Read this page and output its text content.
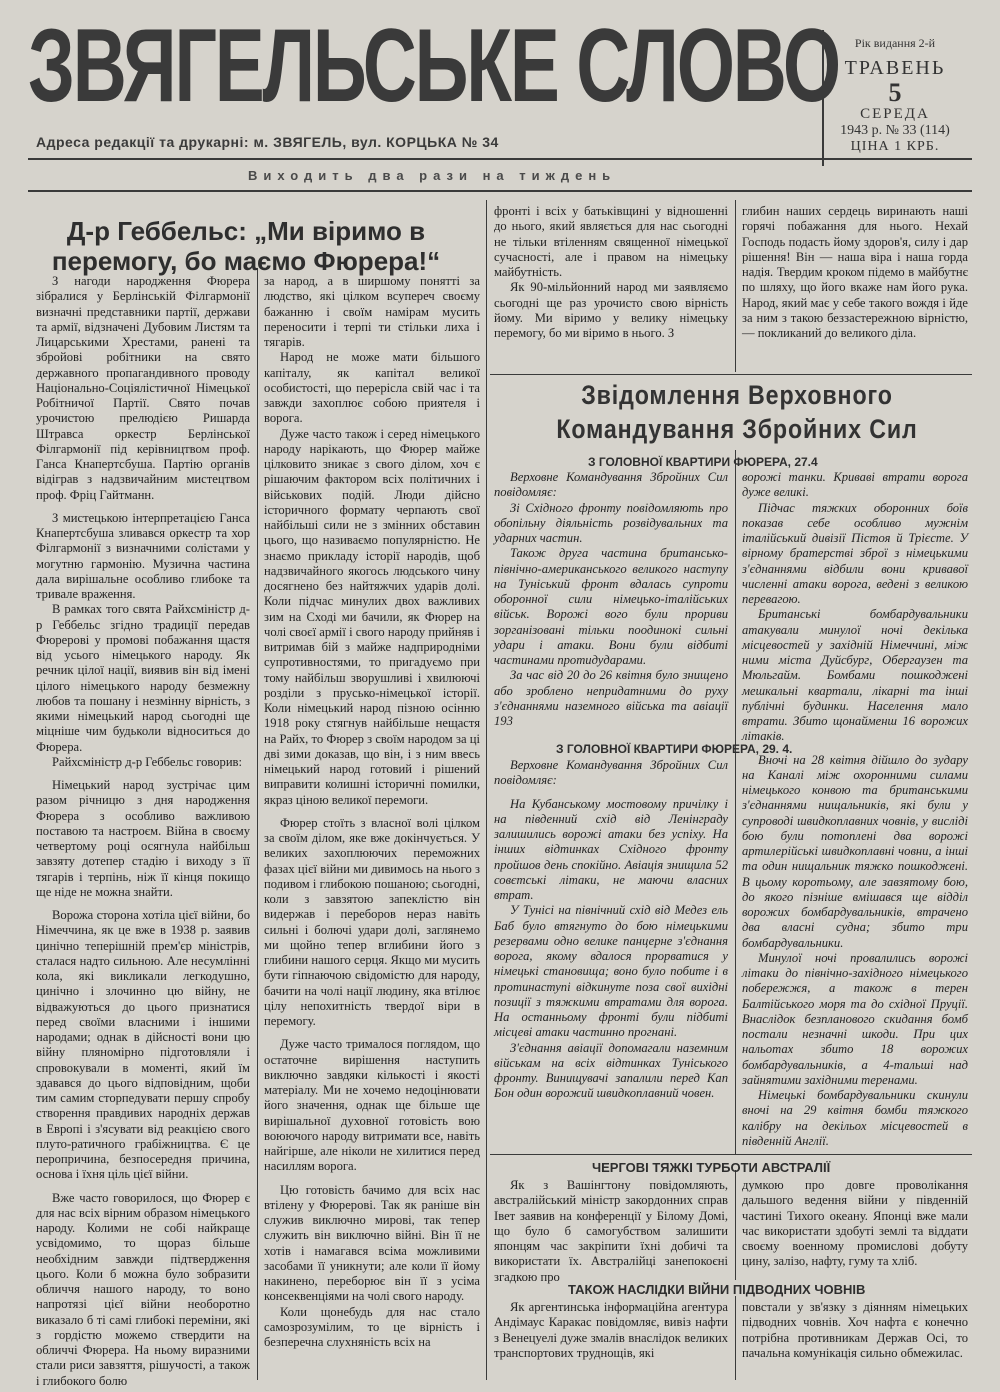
ЗВЯГЕЛЬСЬКЕ СЛОВО	Рік видання 2-й
ТРАВЕНЬ
5
СЕРЕДА
1943 р. № 33 (114)
ЦІНА 1 КРБ.
Адреса редакції та друкарні: м. ЗВЯГЕЛЬ, вул. КОРЦЬКА № 34
Виходить два рази на тиждень
Д-р Геббельс: „Ми віримо в перемогу, бо маємо Фюрера!“

З нагоди народження Фюрера зібралися у Берлінській Філгармонії визначні представники партії, держави та армії, відзначені Дубовим Листям та Лицарськими Хрестами, ранені та збройові робітники на свято державного пропагандивного проводу Національно-Соціялістичної Німецької Робітничої Партії. Свято почав урочистою прелюдією Ришарда Штравса оркестр Берлінської Філгармонії під керівництвом проф. Ганса Кнапертсбуша. Партію органів відіграв з надзвичайним мистецтвом проф. Фріц Гайтманн.

З мистецькою інтерпретацією Ганса Кнапертсбуша зливався оркестр та хор Філгармонії з визначними солістами у могутню гармонію. Музична частина дала вирішальне особливо глибоке та тривале враження.

В рамках того свята Райхсміністр д-р Геббельс згідно традиції передав Фюрерові у промові побажання щастя від усього німецького народу. Як речник цілої нації, виявив він від імені цілого німецького народу безмежну любов та пошану і незмінну вірність, з якими німецький народ сьогодні ще міцніше чим будьколи відноситься до Фюрера.

Райхсміністр д-р Геббельс говорив:

Німецький народ зустрічає цим разом річницю з дня народження Фюрера з особливо важливою поставою та настроєм. Війна в своєму четвертому році осягнула найбільш завзяту дотепер стадію і виходу з її тягарів і терпінь, ніж її кінця покищо ще ніде не можна знайти.

Ворожа сторона хотіла цієї війни, бо Німеччина, як це вже в 1938 р. заявив цинічно теперішній прем'єр міністрів, сталася надто сильною. Але несумлінні кола, які викликали легкодушно, цинічно і злочинно цю війну, не відважуються до цього признатися перед своїми власними і іншими народами; однак в дійсності вони цю війну пляномірно підготовляли і спровокували в моменті, який їм здавався до цього відповідним, щоби тим самим сторпедувати першу спробу створення правдивих народніх держав в Европі і з'ясувати від реакцією свого плуто-ратичного грабіжництва. Є це перопричина, безпосередня причина, основа і їхня ціль цієї війни.

Вже часто говорилося, що Фюрер є для нас всіх вірним образом німецького народу. Колими не собі найкраще усвідомимо, то щораз більше необхідним завжди підтвердження цього. Коли б можна було зобразити обличчя нашого народу, то воно напротязі цієї війни необоротно виказало б ті самі глибокі переміни, які з гордістю можемо ствердити на обличчі Фюрера. На ньому виразними стали риси завзяття, рішучості, а також і глибокого болю

за народ, а в ширшому понятті за людство, які цілком всупереч своєму бажанню і своїм намірам мусить переносити і терпі ти стільки лиха і тягарів.

Народ не може мати більшого капіталу, як капітал великої особистості, що перерісла свій час і та завжди захоплює собою приятеля і ворога.

Дуже часто також і серед німецького народу нарікають, що Фюрер майже цілковито зникає з свого ділом, хоч є рішаючим фактором всіх політичних і військових подій. Люди дійсно історичного формату черпають свої найбільші сили не з змінних обставин цього, що називаємо популярністю. Не знаємо прикладу історії народів, щоб надзвичайного якогось людського чину досягнено без найтяжчих ударів долі. Коли підчас минулих двох важливих зим на Сході ми бачили, як Фюрер на чолі своєї армії і свого народу прийняв і витримав бій з майже надприродніми супротивностями, то пригадуємо при тому найбільш зворушливі і хвилюючі розділи з прусько-німецької історії. Коли німецький народ пізною осінню 1918 року стягнув найбільше нещастя на Райх, то Фюрер з своїм народом за ці дві зими доказав, що він, і з ним ввесь німецький народ готовий і рішений виправити колишні історичні помилки, якраз ціною великої перемоги.

Фюрер стоїть з власної волі цілком за своїм ділом, яке вже докінчується. У великих захоплюючих переможних фазах цієї війни ми дивимось на нього з подивом і глибокою пошаною; сьогодні, коли з завзятою запеклістю він видержав і переборов нераз навіть сильні і болючі удари долі, заглянемо ми щойно тепер вглибини його з глибини нашого серця. Якщо ми мусить бути гіпнаючою свідомістю для народу, бачити на чолі нації людину, яка втілює цілу непохитність твердої віри в перемогу.

Дуже часто трималося поглядом, що остаточне вирішення наступить виключно завдяки кількості і якості матеріалу. Ми не хочемо недоцінювати його значення, однак ще більше ще вирішальної духовної готовість вою воюючого народу витримати все, навіть найгірше, але ніколи не хилитися перед насиллям ворога.

Цю готовість бачимо для всіх нас втілену у Фюрерові. Так як раніше він служив виключно мирові, так тепер служить він виключно війні. Він її не хотів і намагався всіма можливими засобами її уникнути; але коли її йому накинено, переборює він її з усіма консеквенціями на чолі свого народу.

Коли щонебудь для нас стало самозрозумілим, то це вірність і безперечна слухняність всіх на

фронті і всіх у батьківщині у відношенні до нього, який являється для нас сьогодні не тільки втіленням священної німецької сучасності, але і правом на німецьку майбутність.

Як 90-мільйонний народ ми заявляємо сьогодні ще раз урочисто свою вірність йому. Ми віримо у велику німецьку перемогу, бо ми віримо в нього. З

глибин наших сердець виринають наші горячі побажання для нього. Нехай Господь подасть йому здоров'я, силу і дар рішення! Він — наша віра і наша горда надія. Твердим кроком підемо в майбутнє по шляху, що його вкаже нам його рука. Народ, який має у себе такого вождя і йде за ним з такою беззастережною вірністю, — покликаний до великого діла.

Звідомлення Верховного Командування Збройних Сил
З ГОЛОВНОЇ КВАРТИРИ ФЮРЕРА, 27.4

Верховне Командування Збройних Сил повідомляє:

Зі Східного фронту повідомляють про обопільну діяльність розвідувальних та ударних частин.

Також друга частина британсько-північно-американського великого наступу на Туніський фронт вдалась супроти оборонної сили німецько-італійських військ. Ворожі вого були прориви зорганізовані тільки поодинокі сильні удари і атаки. Вони були відбиті частинами протидударами.

За час від 20 до 26 квітня було знищено або зроблено непридатними до руху з'єднаннями наземного війська та авіації 193

З ГОЛОВНОЇ КВАРТИРИ ФЮРЕРА, 29. 4.

Верховне Командування Збройних Сил повідомляє:

На Кубанському мостовому причілку і на південний схід від Ленінграду залишились ворожі атаки без успіху. На інших відтинках Східного фронту пройшов день спокійно. Авіація знищила 52 совєтські літаки, не маючи власних втрат.

У Тунісі на північний схід від Медез ель Баб було втягнуто до бою німецькими резервами одно велике панцерне з'єднання ворога, якому вдалося прорватися у німецькі становища; воно було побите і в протинаступі відкинуте поза свої вихідні позиції з тяжкими втратами для ворога. На останньому фронті були підбиті місцеві атаки частинно прогнані.

З'єднання авіації допомагали наземним військам на всіх відтинках Туніського фронту. Винищувачі запалили перед Кап Бон один ворожий швидкоплавний човен.

ворожі танки. Криваві втрати ворога дуже великі.

Підчас тяжких оборонних боїв показав себе особливо мужнім італійський дивізії Пістоя й Трієсте. У вірному братерстві зброї з німецькими з'єднаннями відбили вони кривавої численні атаки ворога, ведені з великою перевагою.

Британські бомбардувальники атакували минулої ночі декілька місцевостей у західній Німеччині, між ними міста Дуйсбург, Обергаузен та Мюльгайм. Бомбами пошкоджені мешкальні квартали, лікарні та інші публічні будинки. Населення мало втрати. Збито щонайменш 16 ворожих літаків.

Вночі на 28 квітня дійшло до зудару на Каналі між охоронними силами німецького конвою та британськими з'єднаннями нищальників, які були у супроводі швидкоплавних човнів, у висліді бою були потоплені два ворожі артилерійські швидкоплавні човни, а інші та один нищальник тяжко пошкоджені. В цьому коротьому, але завзятому бою, до якого пізніше вмішався ще відділ ворожих бомбардувальників, втрачено два власні судна; збито три бомбардувальники.

Минулої ночі провалились ворожі літаки до північно-західного німецького побережжя, а також в терен Балтійського моря та до східної Пруції. Внаслідок безпланового скидання бомб постали незначні шкоди. При цих нальотах збито 18 ворожих бомбардувальників, а 4-тальші над зайнятими західними теренами.

Німецькі бомбардувальники скинули вночі на 29 квітня бомби тяжкого калібру на декільох місцевостей в південній Англії.

ЧЕРГОВІ ТЯЖКІ ТУРБОТИ АВСТРАЛІЇ

Як з Вашінгтону повідомляють, австралійський міністр закордонних справ Івет заявив на конференції у Білому Домі, що було б самогубством залишити японцям час закріпити їхні добичі та використати їх. Австралійці занепокоєні згадкою про

думкою про довге проволікання дальшого ведення війни у південній частині Тихого океану. Японці вже мали час використати здобуті землі та віддати своєму военному промислові добуту цину, залізо, нафту, гуму та хліб.

ТАКОЖ НАСЛІДКИ ВІЙНИ ПІДВОДНИХ ЧОВНІВ

Як аргентинська інформаційна агентура Андімаус Каракас повідомляє, вивіз нафти з Венецуелі дуже змалів внаслідок великих транспортових труднощів, які

повстали у зв'язку з діянням німецьких підводних човнів. Хоч нафта є конечно потрібна противникам Держав Осі, то пачальна комунікація сильно обмежилас.
